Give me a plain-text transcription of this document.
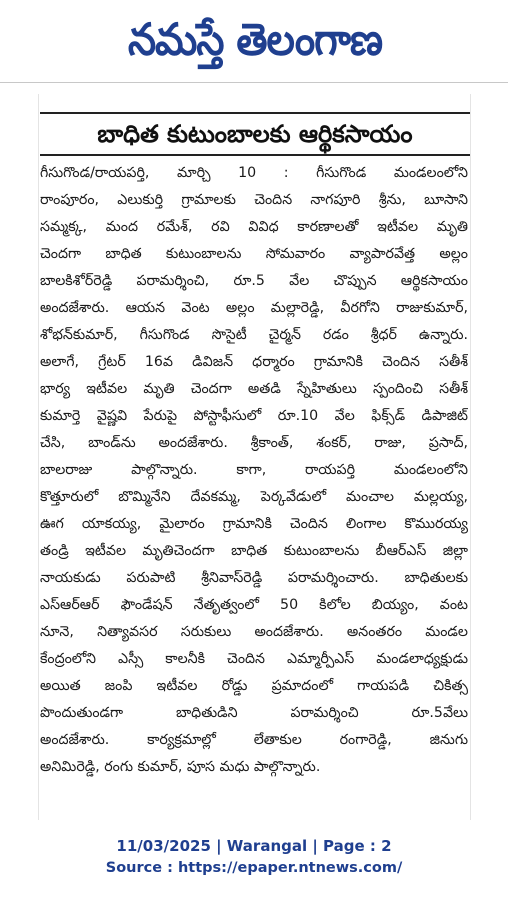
నమస్తే తెలంగాణ
బాధిత కుటుంబాలకు ఆర్థికసాయం
గీసుగొండ/రాయపర్తి, మార్చి 10 : గీసుగొండ మండలంలోని
రాంపూరం, ఎలుకుర్తి గ్రామాలకు చెందిన నాగపూరి శ్రీను, బూసాని
సమ్మక్క, మంద రమేశ్, రవి వివిధ కారణాలతో ఇటీవల మృతి
చెందగా బాధిత కుటుంబాలను సోమవారం వ్యాపారవేత్త అల్లం
బాలకిశోర్‌రెడ్డి పరామర్శించి, రూ.5 వేల చొప్పున ఆర్థికసాయం
అందజేశారు. ఆయన వెంట అల్లం మల్లారెడ్డి, వీరగోని రాజుకుమార్,
శోభన్‌కుమార్, గీసుగొండ సొసైటీ చైర్మన్ రడం శ్రీధర్ ఉన్నారు.
అలాగే, గ్రేటర్ 16వ డివిజన్ ధర్మారం గ్రామానికి చెందిన సతీశ్
భార్య ఇటీవల మృతి చెందగా అతడి స్నేహితులు స్పందించి సతీశ్
కుమార్తె వైష్ణవి పేరుపై పోస్టాఫీసులో రూ.10 వేల ఫిక్స్‌డ్ డిపాజిట్
చేసి, బాండ్‌ను అందజేశారు. శ్రీకాంత్, శంకర్, రాజు, ప్రసాద్,
బాలరాజు పాల్గొన్నారు. కాగా, రాయపర్తి మండలంలోని
కొత్తూరులో బొమ్మినేని దేవకమ్మ, పెర్కవేడులో మంచాల మల్లయ్య,
ఊగ యాకయ్య, మైలారం గ్రామానికి చెందిన లింగాల కొమురయ్య
తండ్రి ఇటీవల మృతిచెందగా బాధిత కుటుంబాలను బీఆర్‌ఎస్ జిల్లా
నాయకుడు పరుపాటి శ్రీనివాస్‌రెడ్డి పరామర్శించారు. బాధితులకు
ఎస్‌ఆర్‌ఆర్ ఫౌండేషన్ నేతృత్వంలో 50 కిలోల బియ్యం, వంట
నూనె, నిత్యావసర సరుకులు అందజేశారు. అనంతరం మండల
కేంద్రంలోని ఎస్సీ కాలనీకి చెందిన ఎమ్మార్పీఎస్ మండలాధ్యక్షుడు
అయిత జంపి ఇటీవల రోడ్డు ప్రమాదంలో గాయపడి చికిత్స
పొందుతుండగా బాధితుడిని పరామర్శించి రూ.5వేలు
అందజేశారు. కార్యక్రమాల్లో లేతాకుల రంగారెడ్డి, జినుగు
అనిమిరెడ్డి, రంగు కుమార్, పూస మధు పాల్గొన్నారు.
11/03/2025 | Warangal | Page : 2
Source : https://epaper.ntnews.com/
